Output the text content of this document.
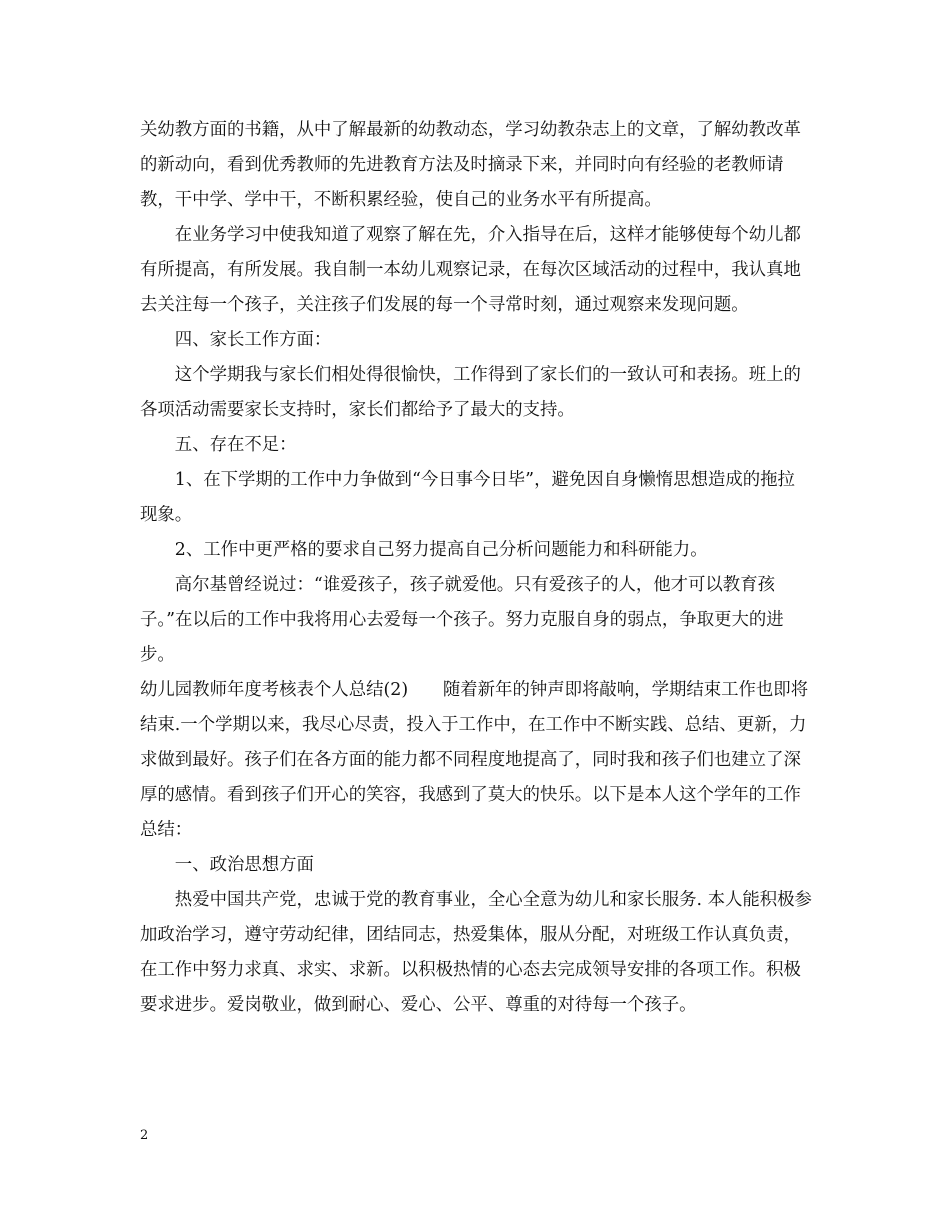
关幼教方面的书籍，从中了解最新的幼教动态，学习幼教杂志上的文章，了解幼教改革的新动向，看到优秀教师的先进教育方法及时摘录下来，并同时向有经验的老教师请教，干中学、学中干，不断积累经验，使自己的业务水平有所提高。

在业务学习中使我知道了观察了解在先，介入指导在后，这样才能够使每个幼儿都有所提高，有所发展。我自制一本幼儿观察记录，在每次区域活动的过程中，我认真地去关注每一个孩子，关注孩子们发展的每一个寻常时刻，通过观察来发现问题。

四、家长工作方面：

这个学期我与家长们相处得很愉快，工作得到了家长们的一致认可和表扬。班上的各项活动需要家长支持时，家长们都给予了最大的支持。

五、存在不足：

1、在下学期的工作中力争做到“今日事今日毕”，避免因自身懒惰思想造成的拖拉现象。

2、工作中更严格的要求自己努力提高自己分析问题能力和科研能力。

高尔基曾经说过：“谁爱孩子，孩子就爱他。只有爱孩子的人，他才可以教育孩子。”在以后的工作中我将用心去爱每一个孩子。努力克服自身的弱点，争取更大的进步。

幼儿园教师年度考核表个人总结(2)　　随着新年的钟声即将敲响，学期结束工作也即将结束.一个学期以来，我尽心尽责，投入于工作中，在工作中不断实践、总结、更新，力求做到最好。孩子们在各方面的能力都不同程度地提高了，同时我和孩子们也建立了深厚的感情。看到孩子们开心的笑容，我感到了莫大的快乐。以下是本人这个学年的工作总结：

一、政治思想方面

热爱中国共产党，忠诚于党的教育事业，全心全意为幼儿和家长服务. 本人能积极参加政治学习，遵守劳动纪律，团结同志，热爱集体，服从分配，对班级工作认真负责，在工作中努力求真、求实、求新。以积极热情的心态去完成领导安排的各项工作。积极要求进步。爱岗敬业，做到耐心、爱心、公平、尊重的对待每一个孩子。

2
